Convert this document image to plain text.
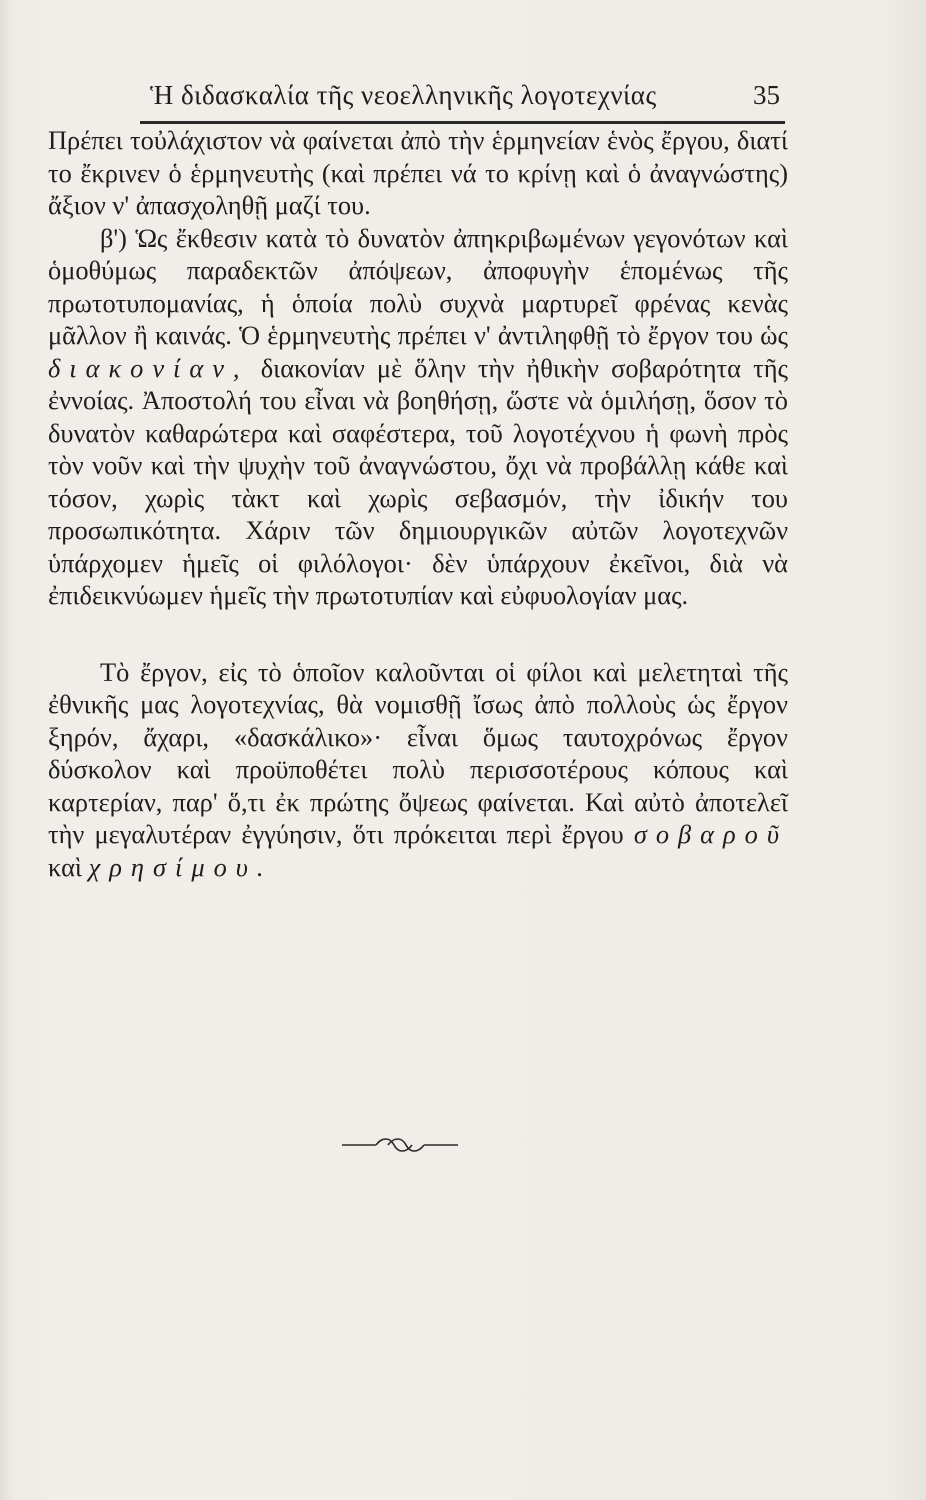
Ἡ διδασκαλία τῆς νεοελληνικῆς λογοτεχνίας	35

Πρέπει τοὐλάχιστον νὰ φαίνεται ἀπὸ τὴν ἑρμηνείαν ἑνὸς ἔργου, διατί το ἔκρινεν ὁ ἑρμηνευτὴς (καὶ πρέπει νά το κρίνῃ καὶ ὁ ἀναγνώστης) ἄξιον ν' ἀπασχοληθῇ μαζί του.

β') Ὡς ἔκθεσιν κατὰ τὸ δυνατὸν ἀπηκριβωμένων γεγονότων καὶ ὁμοθύμως παραδεκτῶν ἀπόψεων, ἀποφυγὴν ἑπομένως τῆς πρωτοτυπομανίας, ἡ ὁποία πολὺ συχνὰ μαρτυρεῖ φρένας κενὰς μᾶλλον ἢ καινάς. Ὁ ἑρμηνευτὴς πρέπει ν' ἀντιληφθῇ τὸ ἔργον του ὡς διακονίαν, διακονίαν μὲ ὅλην τὴν ἠθικὴν σοβαρότητα τῆς ἐννοίας. Ἀποστολή του εἶναι νὰ βοηθήσῃ, ὥστε νὰ ὁμιλήσῃ, ὅσον τὸ δυνατὸν καθαρώτερα καὶ σαφέστερα, τοῦ λογοτέχνου ἡ φωνὴ πρὸς τὸν νοῦν καὶ τὴν ψυχὴν τοῦ ἀναγνώστου, ὄχι νὰ προβάλλῃ κάθε καὶ τόσον, χωρὶς τὰκτ καὶ χωρὶς σεβασμόν, τὴν ἰδικήν του προσωπικότητα. Χάριν τῶν δημιουργικῶν αὐτῶν λογοτεχνῶν ὑπάρχομεν ἡμεῖς οἱ φιλόλογοι· δὲν ὑπάρχουν ἐκεῖνοι, διὰ νὰ ἐπιδεικνύωμεν ἡμεῖς τὴν πρωτοτυπίαν καὶ εὐφυολογίαν μας.

Τὸ ἔργον, εἰς τὸ ὁποῖον καλοῦνται οἱ φίλοι καὶ μελετηταὶ τῆς ἐθνικῆς μας λογοτεχνίας, θὰ νομισθῇ ἴσως ἀπὸ πολλοὺς ὡς ἔργον ξηρόν, ἄχαρι, «δασκάλικο»· εἶναι ὅμως ταυτοχρόνως ἔργον δύσκολον καὶ προϋποθέτει πολὺ περισσοτέρους κόπους καὶ καρτερίαν, παρ' ὅ,τι ἐκ πρώτης ὄψεως φαίνεται. Καὶ αὐτὸ ἀποτελεῖ τὴν μεγαλυτέραν ἐγγύησιν, ὅτι πρόκειται περὶ ἔργου σοβαροῦ καὶ χρησίμου.
